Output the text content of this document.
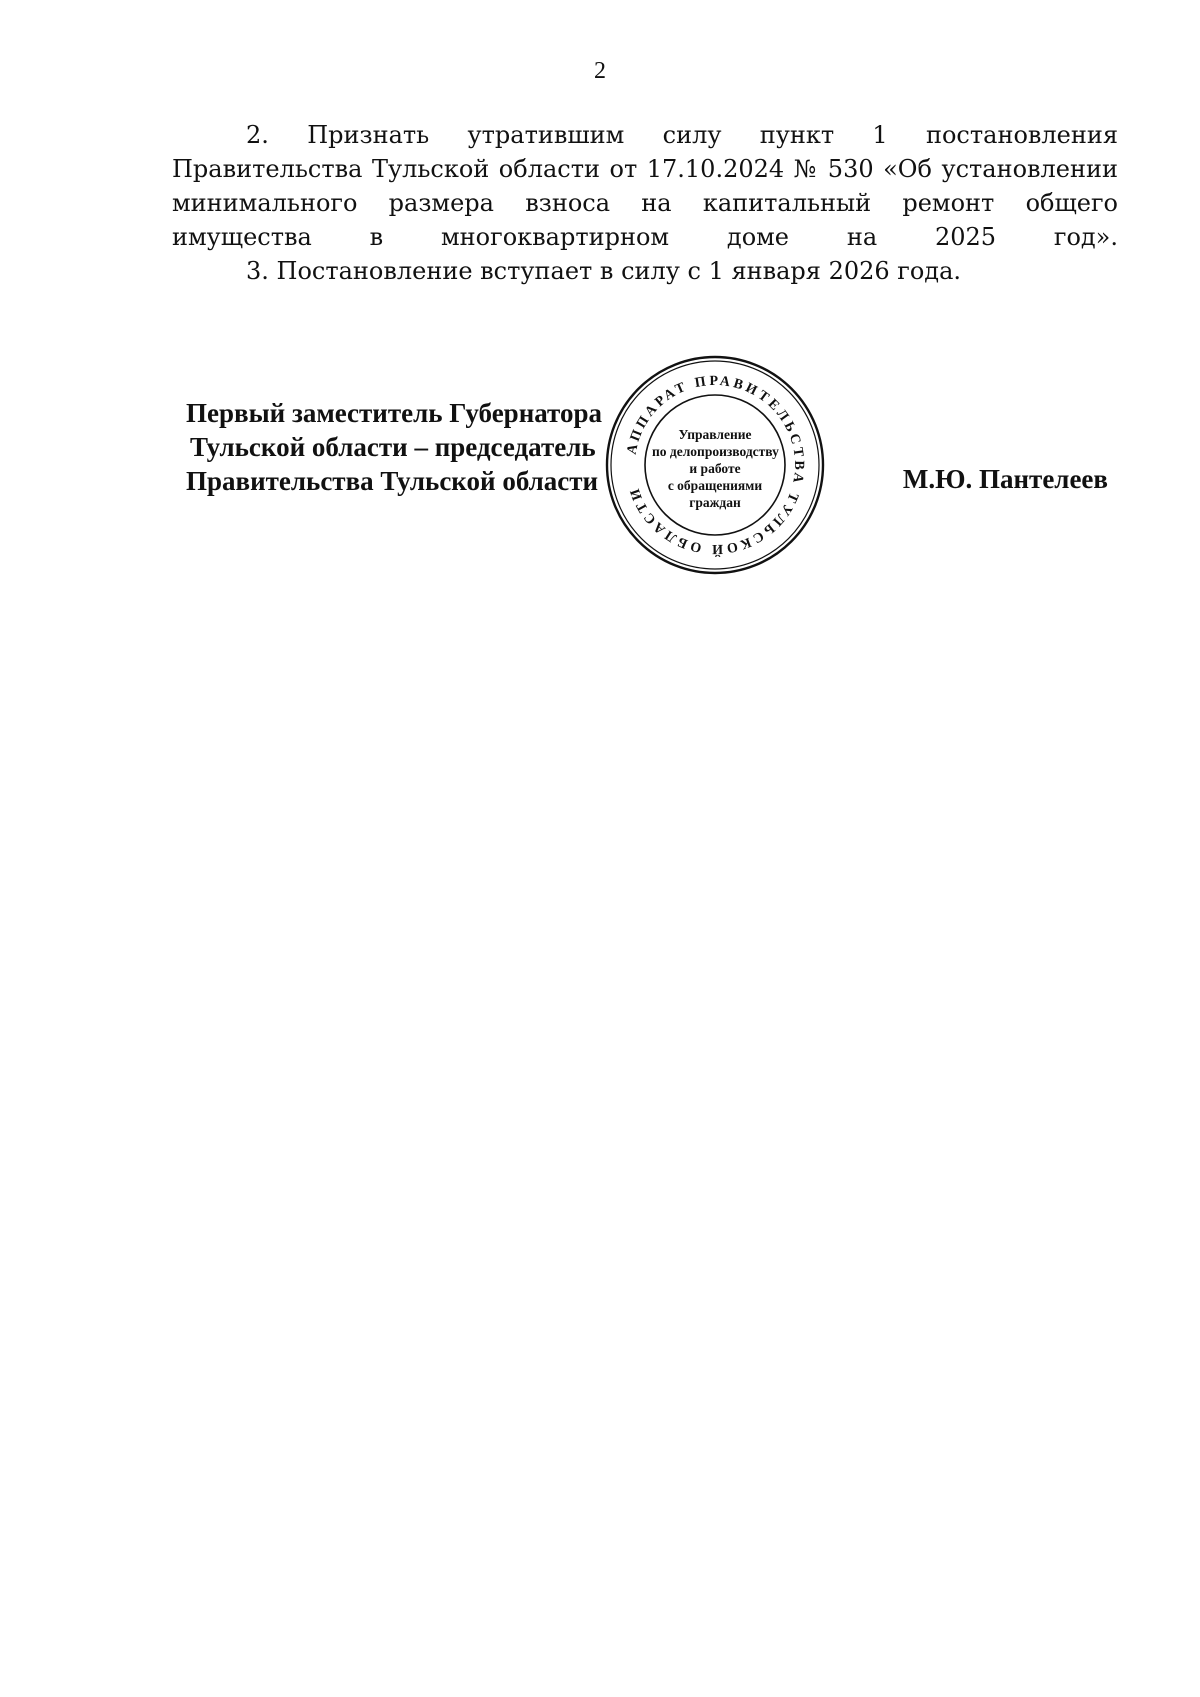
2

2. Признать утратившим силу пункт 1 постановления Правительства Тульской области от 17.10.2024 № 530 «Об установлении минимального размера взноса на капитальный ремонт общего имущества в многоквартирном доме на 2025 год».

3. Постановление вступает в силу с 1 января 2026 года.

Первый заместитель Губернатора
Тульской области – председатель
Правительства Тульской области	М.Ю. Пантелеев
АППАРАТ ПРАВИТЕЛЬСТВА ТУЛЬСКОЙ ОБЛАСТИ
Управление
по делопроизводству
и работе
с обращениями
граждан
